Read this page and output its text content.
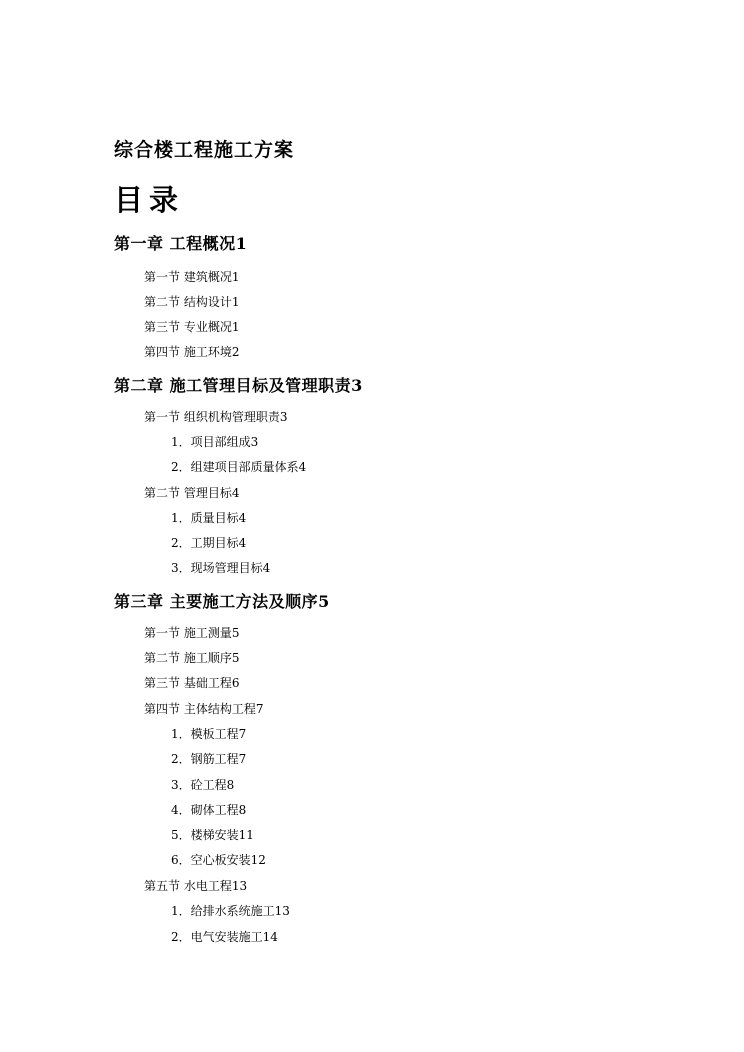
综合楼工程施工方案
目录
第一章 工程概况1
第一节 建筑概况1
第二节 结构设计1
第三节 专业概况1
第四节 施工环境2
第二章 施工管理目标及管理职责3
第一节 组织机构管理职责3
1．项目部组成3
2．组建项目部质量体系4
第二节 管理目标4
1．质量目标4
2．工期目标4
3．现场管理目标4
第三章 主要施工方法及顺序5
第一节 施工测量5
第二节 施工顺序5
第三节 基础工程6
第四节 主体结构工程7
1．模板工程7
2．钢筋工程7
3．砼工程8
4．砌体工程8
5．楼梯安装11
6．空心板安装12
第五节 水电工程13
1．给排水系统施工13
2．电气安装施工14
